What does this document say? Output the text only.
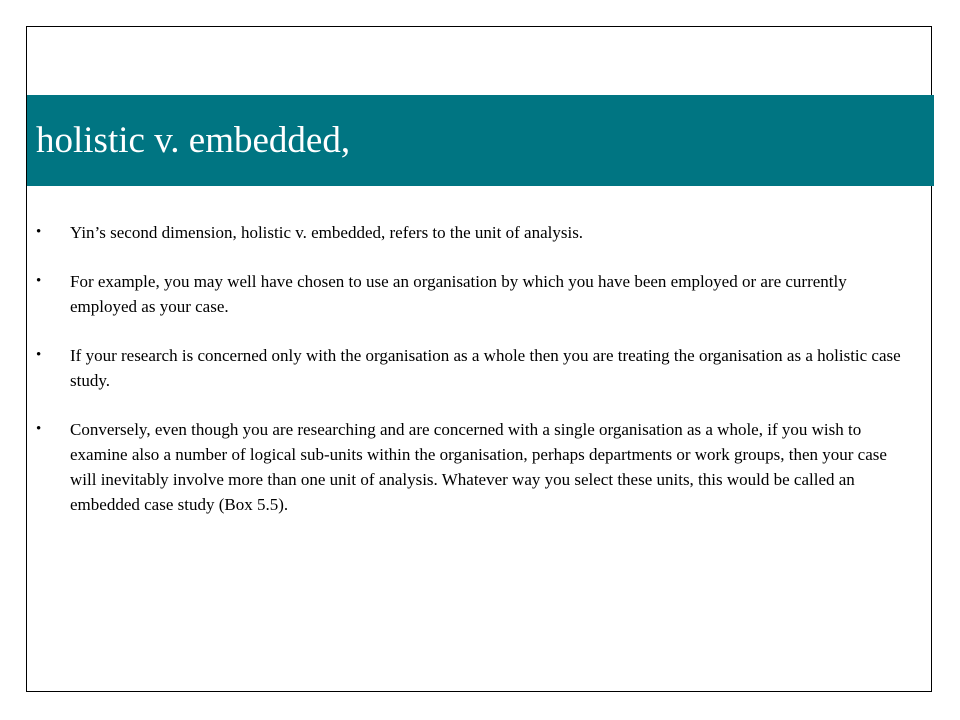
holistic v. embedded,
• Yin’s second dimension, holistic v. embedded, refers to the unit of analysis.
• For example, you may well have chosen to use an organisation by which you have been employed or are currently employed as your case.
• If your research is concerned only with the organisation as a whole then you are treating the organisation as a holistic case study.
• Conversely, even though you are researching and are concerned with a single organisation as a whole, if you wish to examine also a number of logical sub-units within the organisation, perhaps departments or work groups, then your case will inevitably involve more than one unit of analysis. Whatever way you select these units, this would be called an embedded case study (Box 5.5).
